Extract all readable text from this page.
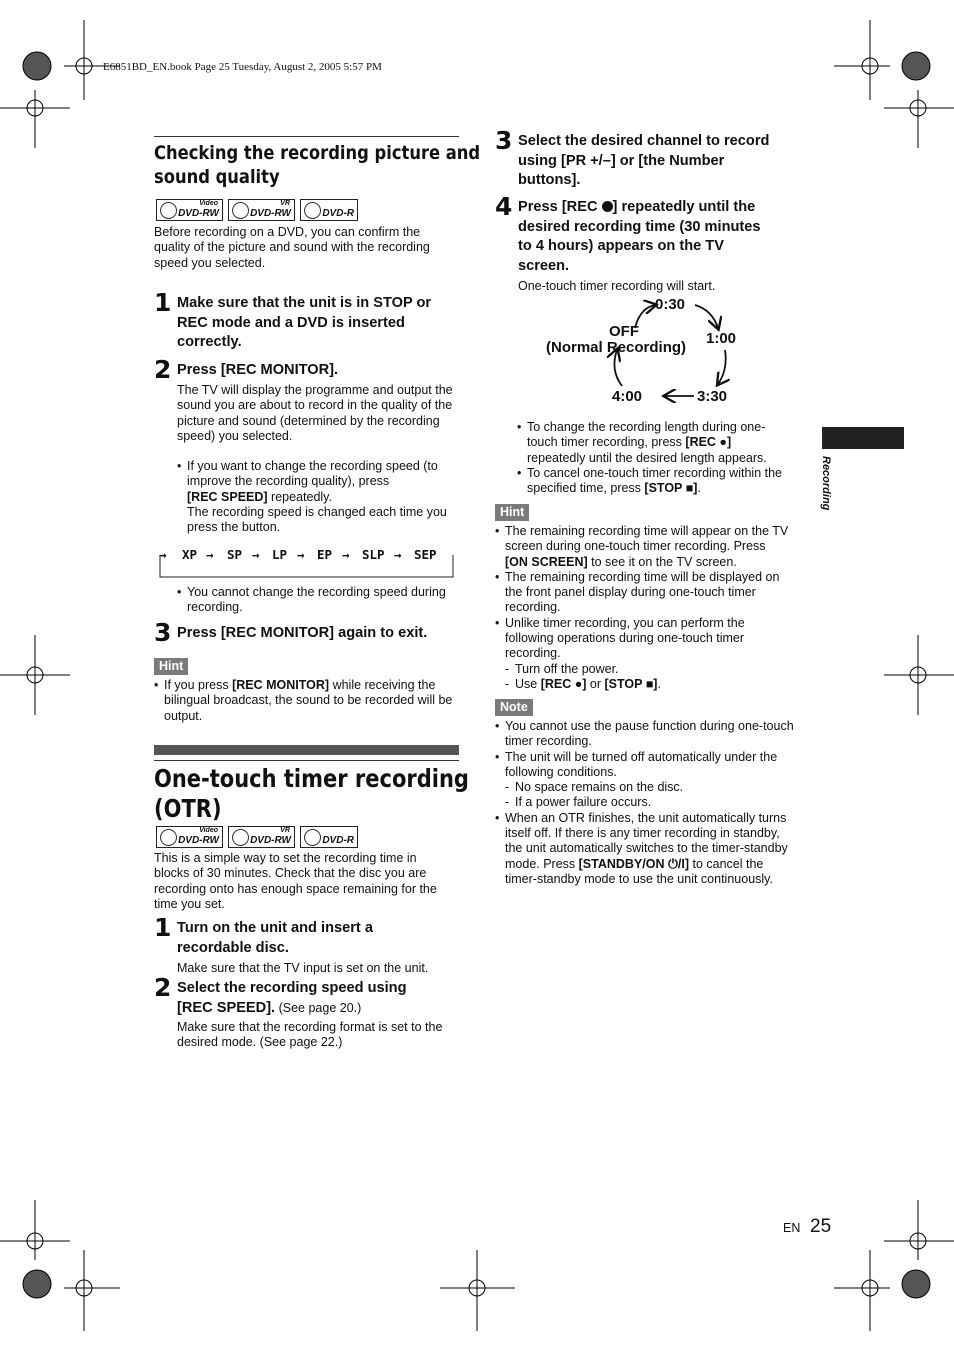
E6851BD_EN.book Page 25 Tuesday, August 2, 2005 5:57 PM
Checking the recording picture and
sound quality
Video
DVD-RW
VR
DVD-RW	DVD-R
Before recording on a DVD, you can confirm the
quality of the picture and sound with the recording
speed you selected.
1 Make sure that the unit is in STOP or
REC mode and a DVD is inserted
correctly.
2 Press [REC MONITOR].
The TV will display the programme and output the
sound you are about to record in the quality of the
picture and sound (determined by the recording
speed) you selected.
• If you want to change the recording speed (to
improve the recording quality), press
[REC SPEED] repeatedly.
The recording speed is changed each time you
press the button.
→ XP → SP → LP → EP → SLP → SEP
• You cannot change the recording speed during
recording.
3 Press [REC MONITOR] again to exit.
Hint
• If you press [REC MONITOR] while receiving the
bilingual broadcast, the sound to be recorded will be
output.
One-touch timer recording
(OTR)
Video
DVD-RW
VR
DVD-RW	DVD-R
This is a simple way to set the recording time in
blocks of 30 minutes. Check that the disc you are
recording onto has enough space remaining for the
time you set.
1 Turn on the unit and insert a
recordable disc.
Make sure that the TV input is set on the unit.
2 Select the recording speed using
[REC SPEED]. (See page 20.)
Make sure that the recording format is set to the
desired mode. (See page 22.)
3 Select the desired channel to record
using [PR +/–] or [the Number
buttons].
4 Press [REC ] repeatedly until the
desired recording time (30 minutes
to 4 hours) appears on the TV
screen.
One-touch timer recording will start.
0:30
1:00
3:30
4:00
OFF
(Normal Recording)
• To change the recording length during one-
touch timer recording, press [REC ●]
repeatedly until the desired length appears.
• To cancel one-touch timer recording within the
specified time, press [STOP ■].
Hint
• The remaining recording time will appear on the TV
screen during one-touch timer recording. Press
[ON SCREEN] to see it on the TV screen.
• The remaining recording time will be displayed on
the front panel display during one-touch timer
recording.
• Unlike timer recording, you can perform the
following operations during one-touch timer
recording.
- Turn off the power.
- Use [REC ●] or [STOP ■].
Note
• You cannot use the pause function during one-touch
timer recording.
• The unit will be turned off automatically under the
following conditions.
- No space remains on the disc.
- If a power failure occurs.
• When an OTR finishes, the unit automatically turns
itself off. If there is any timer recording in standby,
the unit automatically switches to the timer-standby
mode. Press [STANDBY/ON ⏻/I] to cancel the
timer-standby mode to use the unit continuously.
Recording
EN 25
